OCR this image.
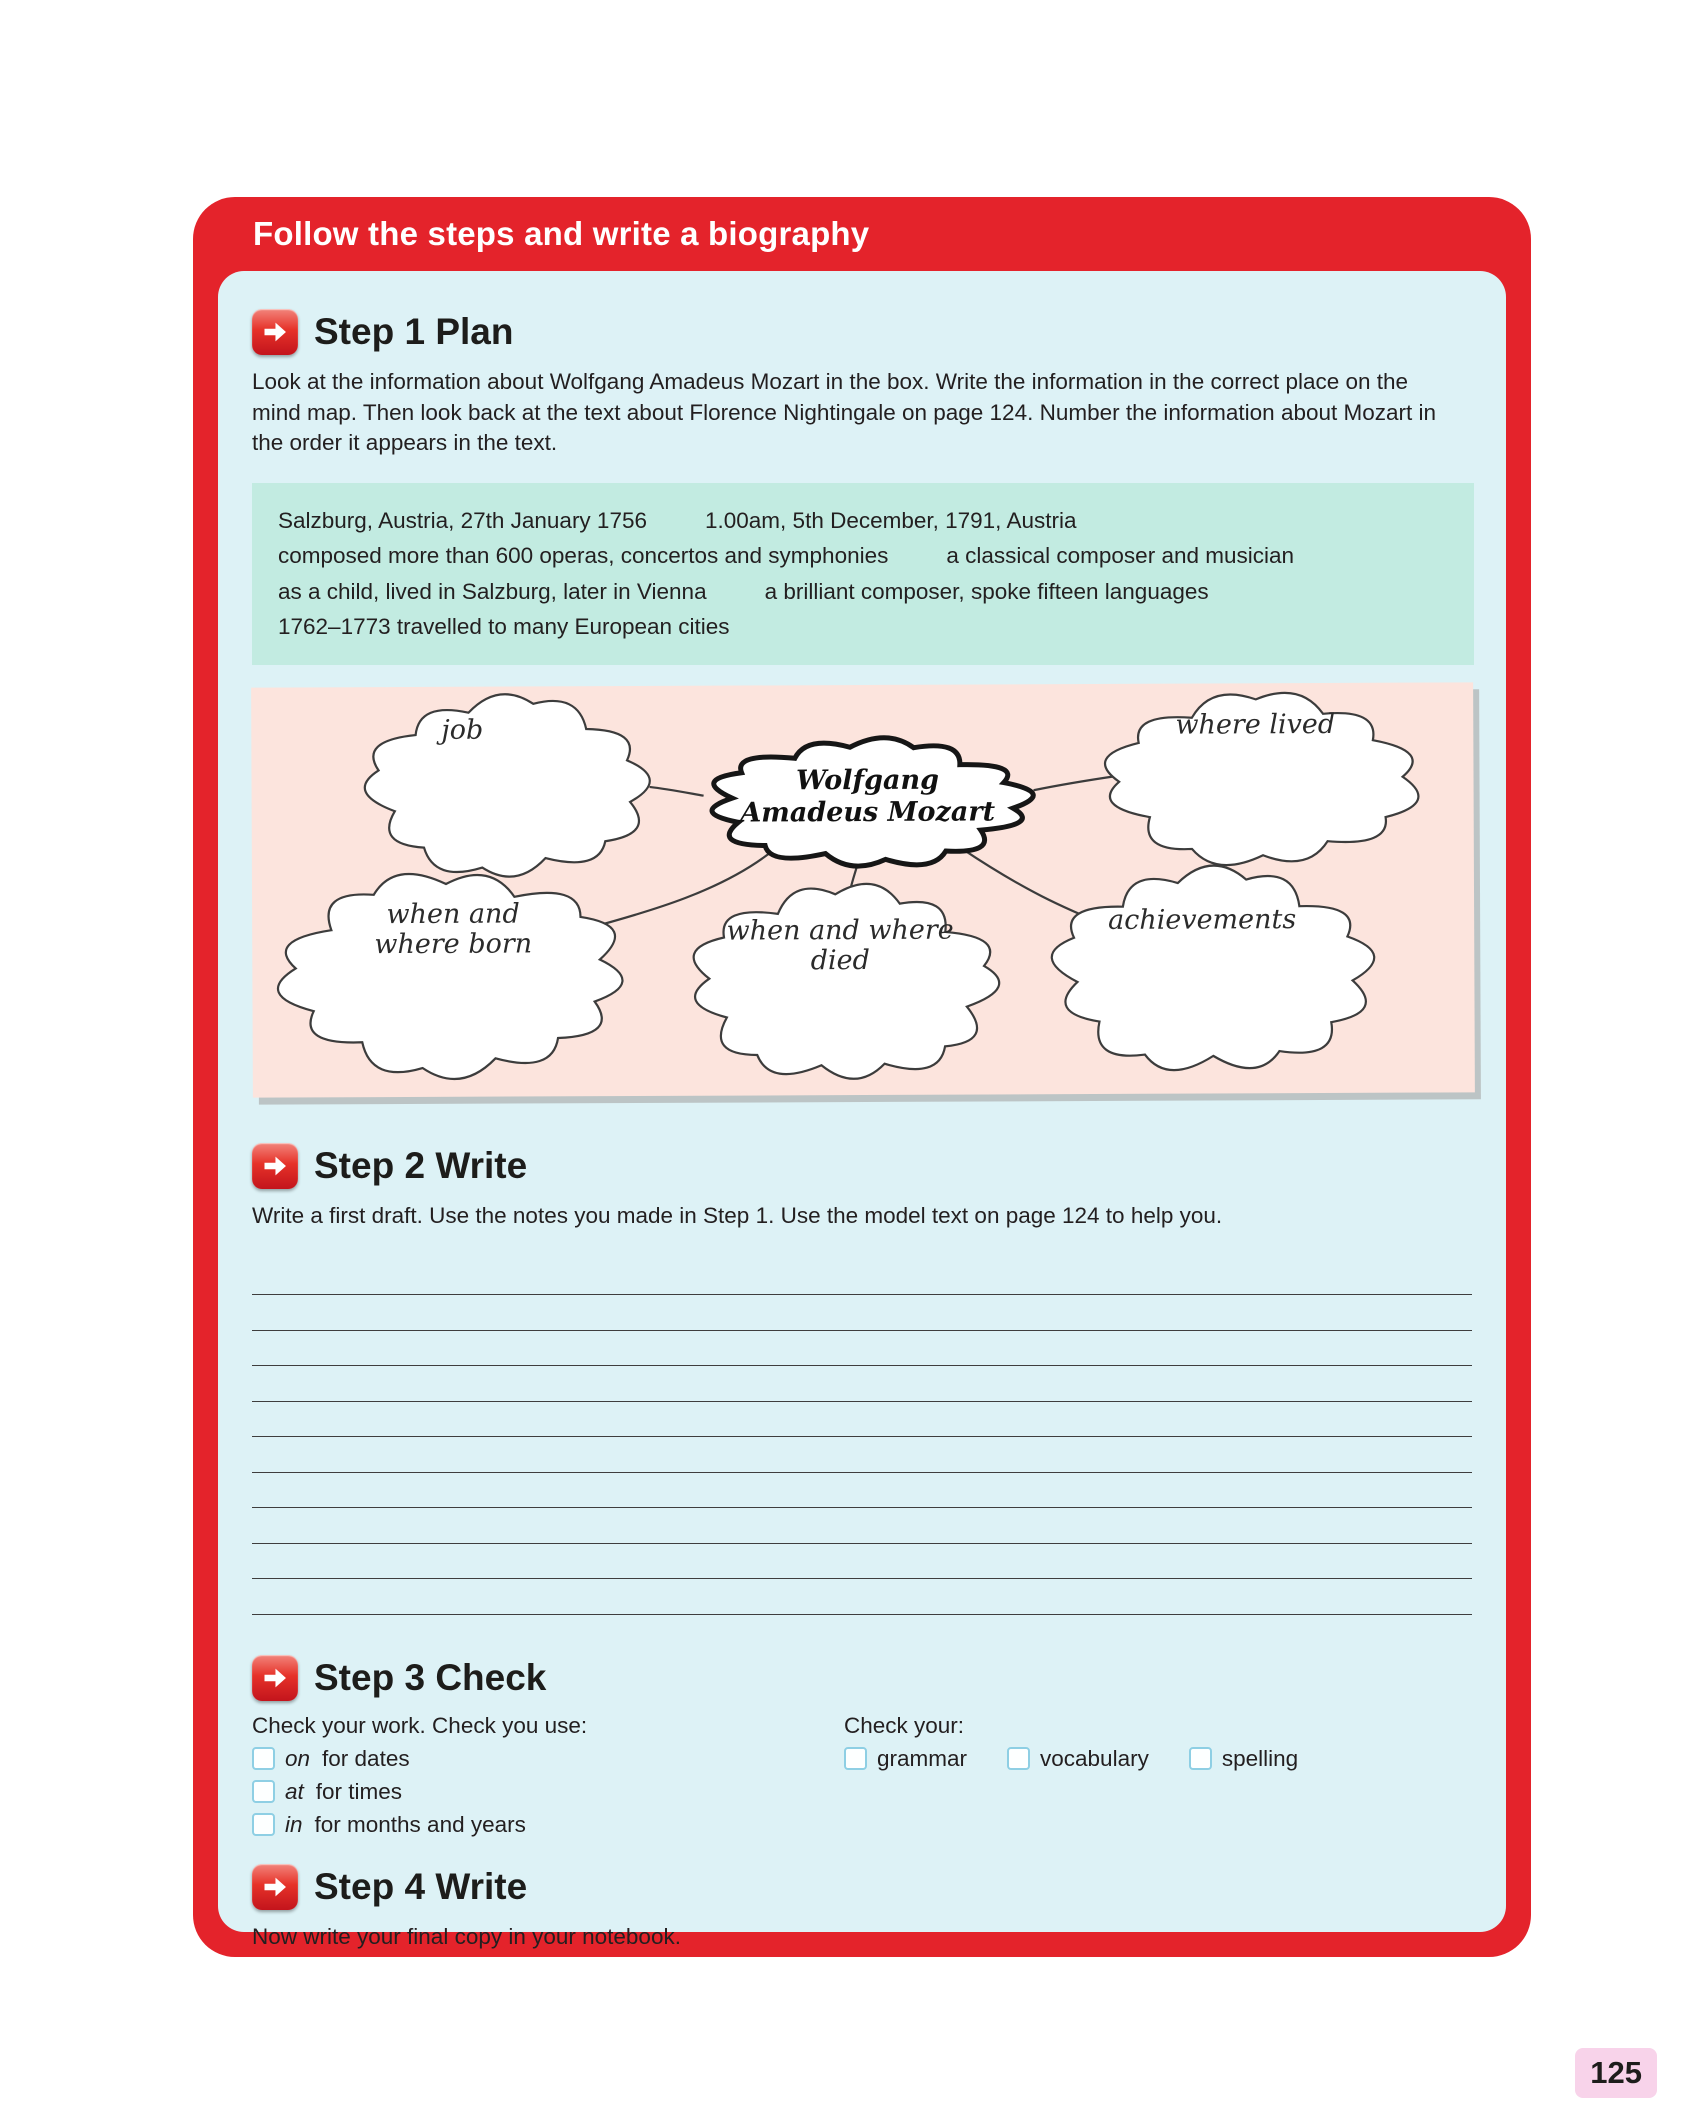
Follow the steps and write a biography
Step 1 Plan

Look at the information about Wolfgang Amadeus Mozart in the box. Write the information in the correct place on the mind map. Then look back at the text about Florence Nightingale on page 124. Number the information about Mozart in the order it appears in the text.

Salzburg, Austria, 27th January 1756	1.00am, 5th December, 1791, Austria
composed more than 600 operas, concertos and symphonies	a classical composer and musician
as a child, lived in Salzburg, later in Vienna	a brilliant composer, spoke fifteen languages
1762–1773 travelled to many European cities
job	where lived
Wolfgang
Amadeus Mozart
when and
where born	when and where
died
achievements
Step 2 Write

Write a first draft. Use the notes you made in Step 1. Use the model text on page 124 to help you.

Step 3 Check
Check your work. Check you use:
on for dates
at for times
in for months and years
Check your:
grammar	vocabulary	spelling
Step 4 Write

Now write your final copy in your notebook.

125
